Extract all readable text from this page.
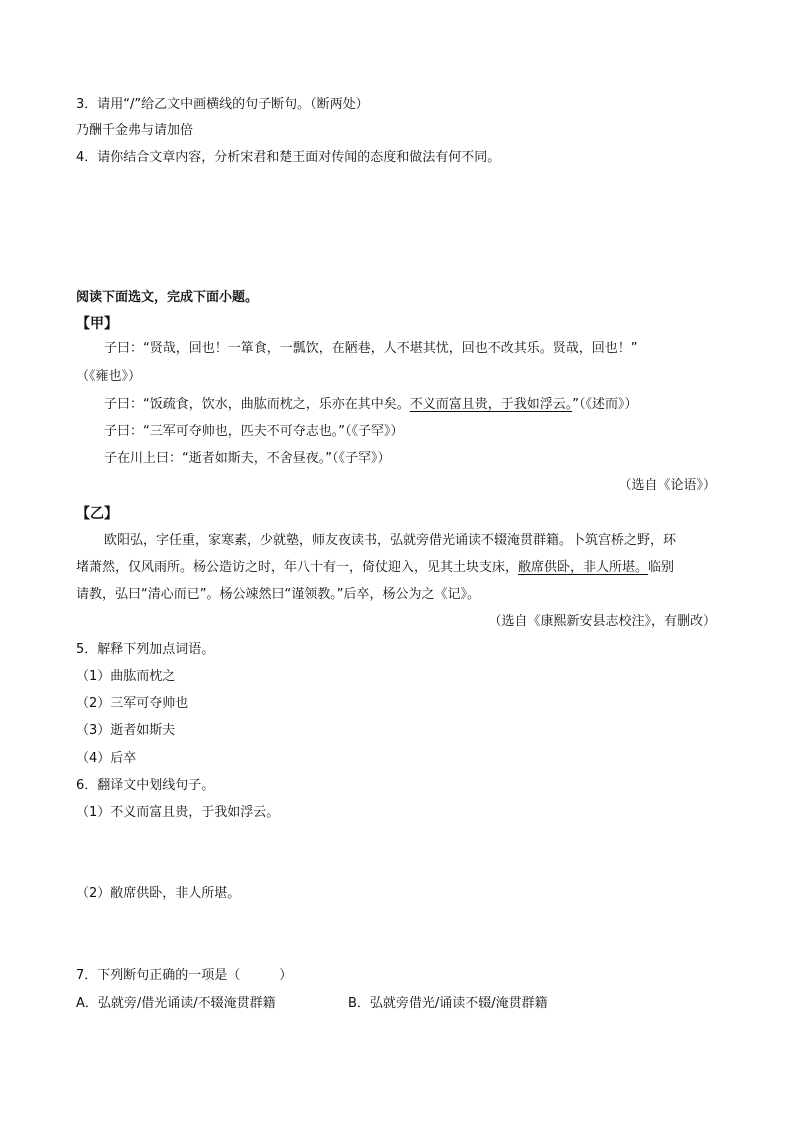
3．请用“/”给乙文中画横线的句子断句。（断两处）
乃酬千金弗与请加倍
4．请你结合文章内容，分析宋君和楚王面对传闻的态度和做法有何不同。
阅读下面选文，完成下面小题。
【甲】
子曰：“贤哉，回也！一箪食，一瓢饮，在陋巷，人不堪其忧，回也不改其乐。贤哉，回也！”
（《雍也》）
子曰：“饭疏食，饮水，曲肱而枕之，乐亦在其中矣。不义而富且贵，于我如浮云。”（《述而》）
子曰：“三军可夺帅也，匹夫不可夺志也。”（《子罕》）
子在川上曰：“逝者如斯夫，不舍昼夜。”（《子罕》）
（选自《论语》）
【乙】
欧阳弘，字任重，家寒素，少就塾，师友夜读书，弘就旁借光诵读不辍淹贯群籍。卜筑宫桥之野，环
堵萧然，仅风雨所。杨公造访之时，年八十有一，倚仗迎入，见其土块支床，敝席供卧，非人所堪。临别
请教，弘曰“清心而已”。杨公竦然曰“谨领教。”后卒，杨公为之《记》。
（选自《康熙新安县志校注》，有删改）
5．解释下列加点词语。
（1）曲肱而枕之
（2）三军可夺帅也
（3）逝者如斯夫
（4）后卒
6．翻译文中划线句子。
（1）不义而富且贵，于我如浮云。
（2）敝席供卧，非人所堪。
7．下列断句正确的一项是（　　　）
A．弘就旁/借光诵读/不辍淹贯群籍	B．弘就旁借光/诵读不辍/淹贯群籍
